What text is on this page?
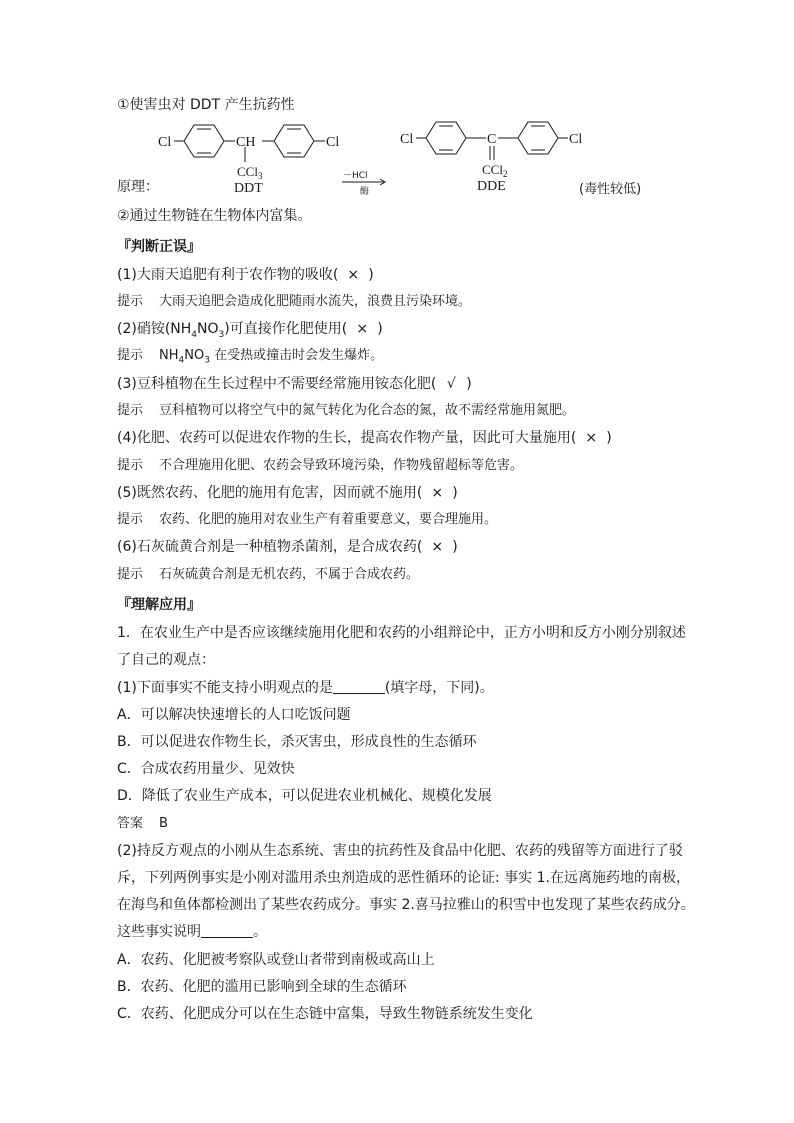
①使害虫对 DDT 产生抗药性
Cl	CH	Cl
CCl$_3$
DDT
－HCl
酶
Cl	C	Cl
CCl$_2$
DDE
原理：	(毒性较低)
②通过生物链在生物体内富集。
『判断正误』
(1)大雨天追肥有利于农作物的吸收( × )
提示 大雨天追肥会造成化肥随雨水流失，浪费且污染环境。
(2)硝铵$(NH_4NO_3)$可直接作化肥使用( × )
提示 $NH_4NO_3$ 在受热或撞击时会发生爆炸。
(3)豆科植物在生长过程中不需要经常施用铵态化肥( √ )
提示 豆科植物可以将空气中的氮气转化为化合态的氮，故不需经常施用氮肥。
(4)化肥、农药可以促进农作物的生长，提高农作物产量，因此可大量施用( × )
提示 不合理施用化肥、农药会导致环境污染，作物残留超标等危害。
(5)既然农药、化肥的施用有危害，因而就不施用( × )
提示 农药、化肥的施用对农业生产有着重要意义，要合理施用。
(6)石灰硫黄合剂是一种植物杀菌剂，是合成农药( × )
提示 石灰硫黄合剂是无机农药，不属于合成农药。
『理解应用』
1．在农业生产中是否应该继续施用化肥和农药的小组辩论中，正方小明和反方小刚分别叙述
了自己的观点：
(1)下面事实不能支持小明观点的是	(填字母，下同)。
A．可以解决快速增长的人口吃饭问题
B．可以促进农作物生长，杀灭害虫，形成良性的生态循环
C．合成农药用量少、见效快
D．降低了农业生产成本，可以促进农业机械化、规模化发展
答案 B
(2)持反方观点的小刚从生态系统、害虫的抗药性及食品中化肥、农药的残留等方面进行了驳
斥，下列两例事实是小刚对滥用杀虫剂造成的恶性循环的论证: 事实 1.在远离施药地的南极，
在海鸟和鱼体都检测出了某些农药成分。事实 2.喜马拉雅山的积雪中也发现了某些农药成分。
这些事实说明	。
A．农药、化肥被考察队或登山者带到南极或高山上
B．农药、化肥的滥用已影响到全球的生态循环
C．农药、化肥成分可以在生态链中富集，导致生物链系统发生变化
